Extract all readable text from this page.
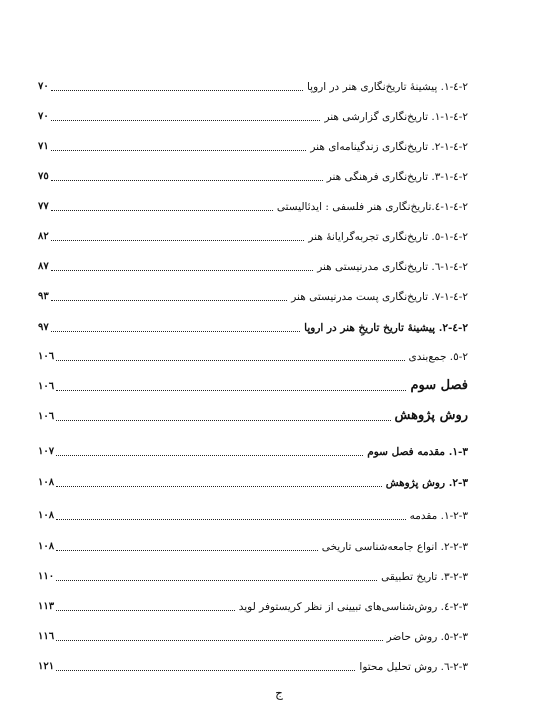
٢-٤-١. پیشینهٔ تاریخ‌نگاری هنر در اروپا
٧٠
٢-٤-١-١. تاریخ‌نگاری گزارشی هنر
٧٠
٢-٤-١-٢. تاریخ‌نگاری زندگینامه‌ای هنر
٧١
٢-٤-١-٣. تاریخ‌نگاری فرهنگی هنر
٧٥
٢-٤-١-٤.تاریخ‌نگاری هنر فلسفی : ایدئالیستی
٧٧
٢-٤-١-٥. تاریخ‌نگاری تجربه‌گرایانهٔ هنر
٨٢
٢-٤-١-٦. تاریخ‌نگاری مدرنیستی هنر
٨٧
٢-٤-١-٧. تاریخ‌نگاری پست مدرنیستی هنر
٩٣
٢-٤-٢. پیشینهٔ تاریخ تاریخِ هنر در اروپا
٩٧
٢-٥. جمع‌بندی
١٠٦
فصل سوم
١٠٦
روش پژوهش
١٠٦
٣-١. مقدمه فصل سوم
١٠٧
٣-٢. روش پژوهش
١٠٨
٣-٢-١. مقدمه
١٠٨
٣-٢-٢. انواع جامعه‌شناسی تاریخی
١٠٨
٣-٢-٣. تاریخ تطبیقی
١١٠
٣-٢-٤. روش‌شناسی‌های تبیینی از نظر کریستوفر لوید
١١٣
٣-٢-٥. روش حاضر
١١٦
٣-٢-٦. روش تحلیل محتوا
١٢١
ج
